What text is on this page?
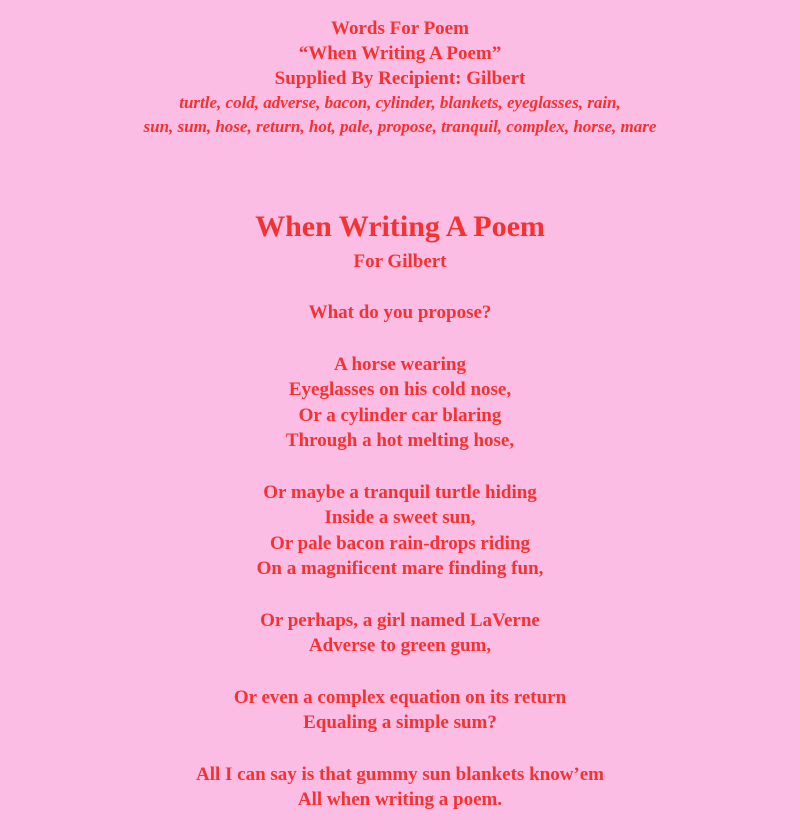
Words For Poem
“When Writing A Poem”
Supplied By Recipient: Gilbert
turtle, cold, adverse, bacon, cylinder, blankets, eyeglasses, rain,
sun, sum, hose, return, hot, pale, propose, tranquil, complex, horse, mare
When Writing A Poem
For Gilbert
What do you propose?
A horse wearing
Eyeglasses on his cold nose,
Or a cylinder car blaring
Through a hot melting hose,
Or maybe a tranquil turtle hiding
Inside a sweet sun,
Or pale bacon rain-drops riding
On a magnificent mare finding fun,
Or perhaps, a girl named LaVerne
Adverse to green gum,
Or even a complex equation on its return
Equaling a simple sum?
All I can say is that gummy sun blankets know’em
All when writing a poem.
